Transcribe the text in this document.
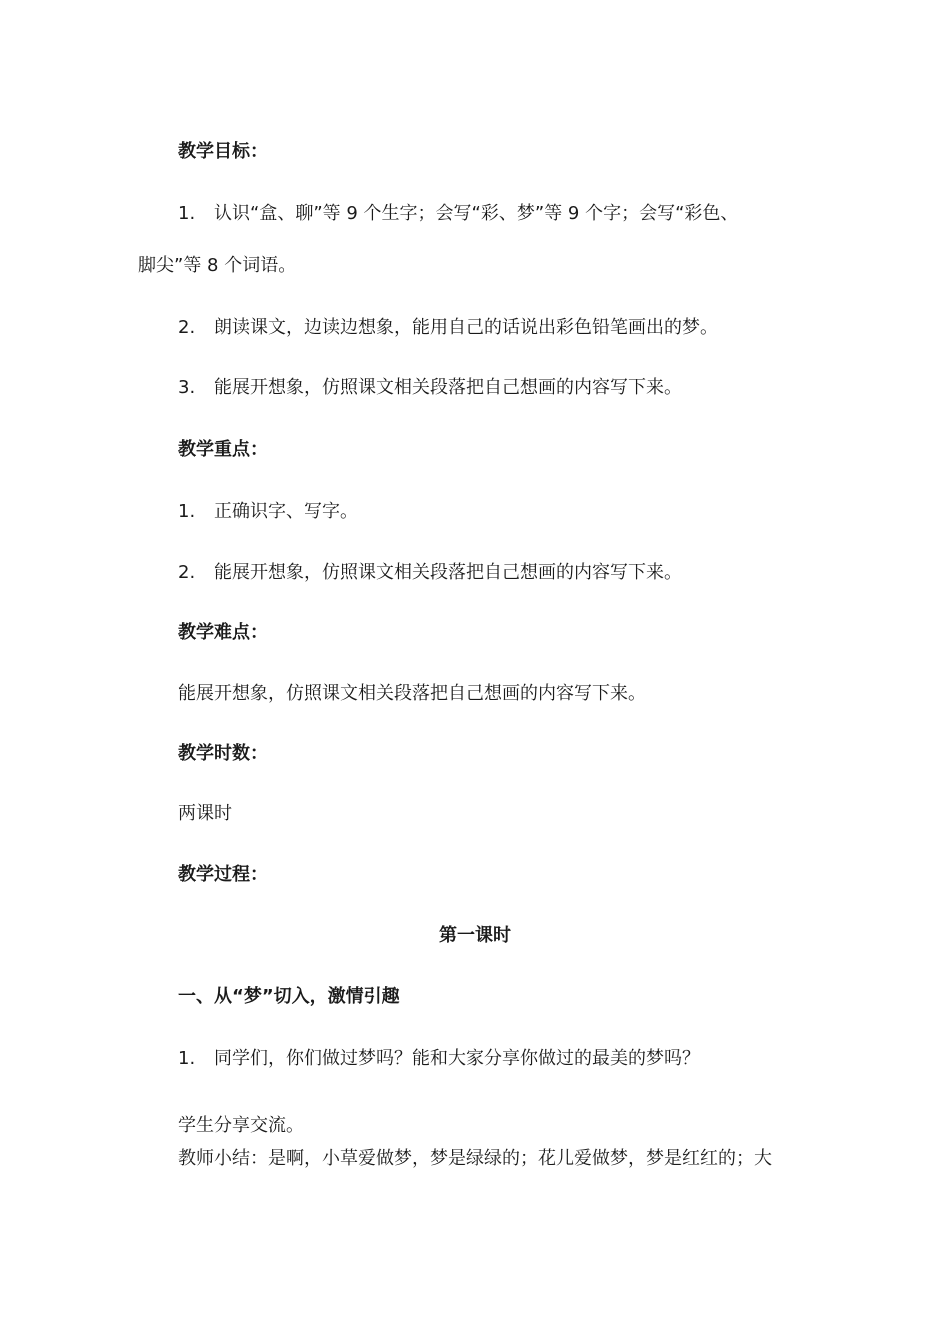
教学目标：
1. 认识“盒、聊”等 9 个生字；会写“彩、梦”等 9 个字；会写“彩色、
脚尖”等 8 个词语。
2. 朗读课文，边读边想象，能用自己的话说出彩色铅笔画出的梦。
3. 能展开想象，仿照课文相关段落把自己想画的内容写下来。
教学重点：
1. 正确识字、写字。
2. 能展开想象，仿照课文相关段落把自己想画的内容写下来。
教学难点：
能展开想象，仿照课文相关段落把自己想画的内容写下来。
教学时数：
两课时
教学过程：
第一课时
一、从“梦”切入，激情引趣
1. 同学们，你们做过梦吗？能和大家分享你做过的最美的梦吗？
学生分享交流。
教师小结：是啊，小草爱做梦，梦是绿绿的；花儿爱做梦，梦是红红的；大
